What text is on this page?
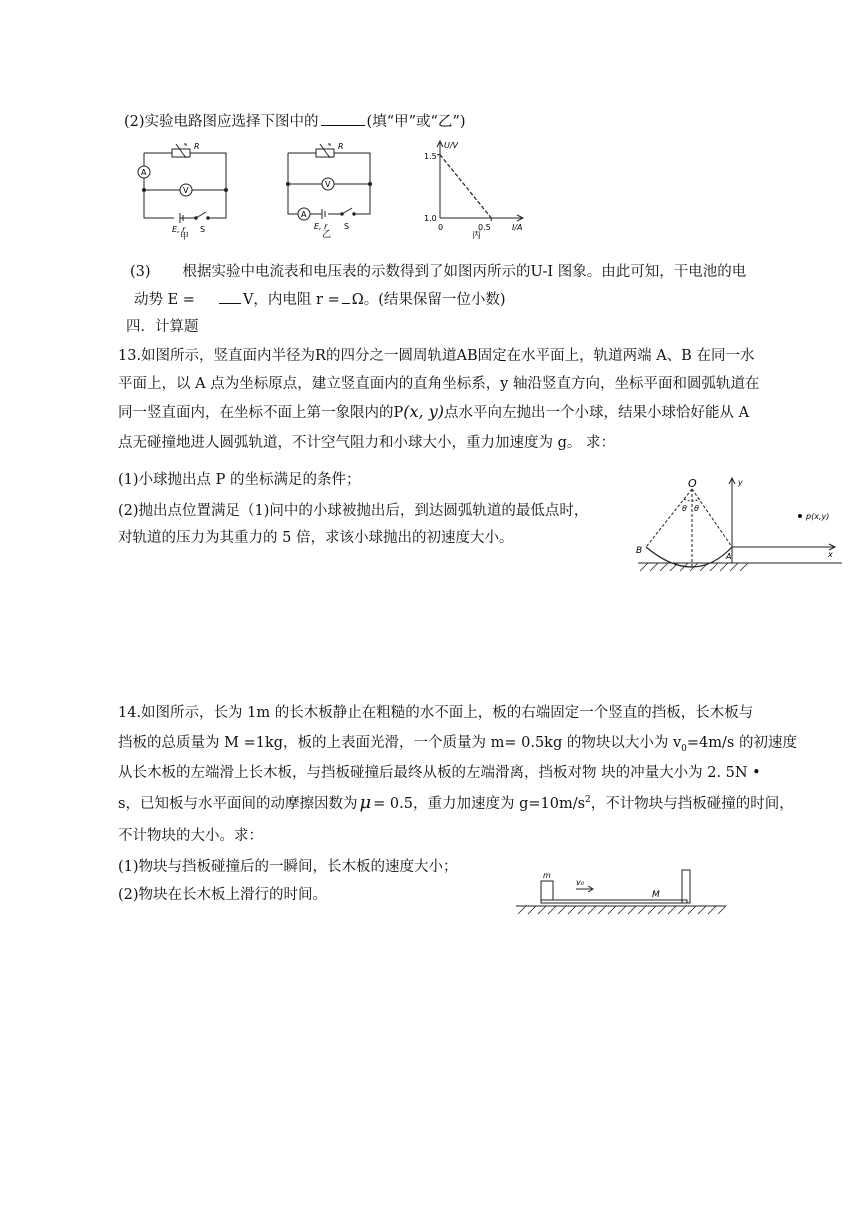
(2)实验电路图应选择下图中的	(填“甲”或“乙”)
R
A
V
E, r S
甲
R
V
A
E, r S
乙
U/V
I/A
1.5
1.0
0	0.5
丙
(3) 根据实验中电流表和电压表的示数得到了如图丙所示的U-I 图象。由此可知，干电池的电
动势 E =	V，内电阻 r = Ω。(结果保留一位小数)
四．计算题
13.如图所示，竖直面内半径为R的四分之一圆周轨道AB固定在水平面上，轨道两端 A、B 在同一水
平面上，以 A 点为坐标原点，建立竖直面内的直角坐标系，y 轴沿竖直方向，坐标平面和圆弧轨道在
同一竖直面内，在坐标不面上第一象限内的P(x, y)点水平向左抛出一个小球，结果小球恰好能从 A
点无碰撞地进人圆弧轨道，不计空气阻力和小球大小，重力加速度为 g。 求：
(1)小球抛出点 P 的坐标满足的条件；
(2)抛出点位置满足（1)问中的小球被抛出后，到达圆弧轨道的最低点时，
对轨道的压力为其重力的 5 倍，求该小球抛出的初速度大小。
O
θ θ
B
A
y
x
p(x,y)
14.如图所示，长为 1m 的长木板静止在粗糙的水不面上，板的右端固定一个竖直的挡板，长木板与
挡板的总质量为 M =1kg，板的上表面光滑，一个质量为 m= 0.5kg 的物块以大小为 $v_0=4m/s$ 的初速度
从长木板的左端滑上长木板，与挡板碰撞后最终从板的左端滑离，挡板对物 块的冲量大小为 2. 5N •
s，已知板与水平面间的动摩擦因数为 μ = 0.5，重力加速度为 $g=10m/s^2$，不计物块与挡板碰撞的时间，
不计物块的大小。求：
(1)物块与挡板碰撞后的一瞬间，长木板的速度大小；
(2)物块在长木板上滑行的时间。
m
v₀
M
